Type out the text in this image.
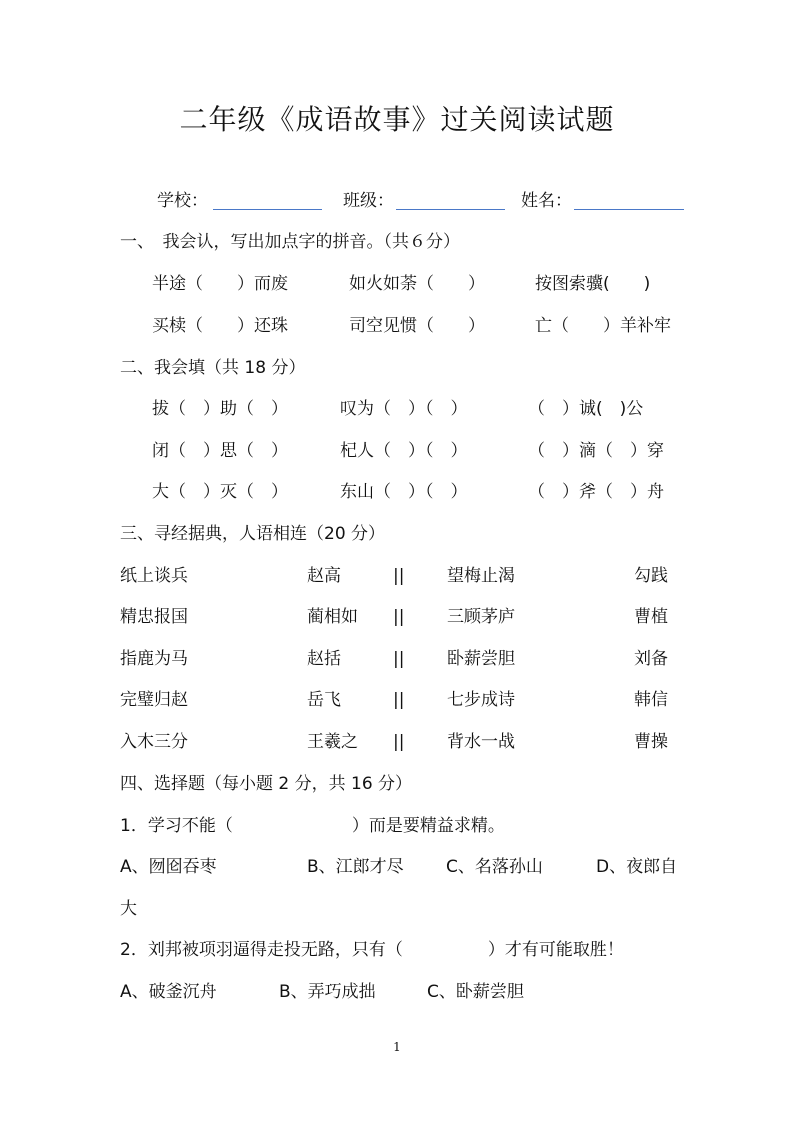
二年级《成语故事》过关阅读试题
学校：	班级：	姓名：
一、　我会认，写出加点字的拼音。（共６分）
半途（　　）而废	如火如荼（　　）	按图索骥(　　)
买椟（　　）还珠	司空见惯（　　）	亡（　　）羊补牢
二、我会填（共 18 分）
拔（　）助（　）	叹为（　）（　）	（　）诚(　)公
闭（　）思（　）	杞人（　）（　）	（　）滴（　）穿
大（　）灭（　）	东山（　）（　）	（　）斧（　）舟
三、寻经据典，人语相连（20 分）
纸上谈兵	赵高	||	望梅止渴	勾践
精忠报国	蔺相如 ||	三顾茅庐	曹植
指鹿为马	赵括	||	卧薪尝胆	刘备
完璧归赵	岳飞	||	七步成诗	韩信
入木三分	王羲之 ||	背水一战	曹操
四、选择题（每小题 2 分，共 16 分）
1．学习不能（　　　　　　　）而是要精益求精。
A、囫囵吞枣	B、江郎才尽 C、名落孙山	D、夜郎自
大
2．刘邦被项羽逼得走投无路，只有（　　　　　）才有可能取胜！
A、破釜沉舟	B、弄巧成拙	C、卧薪尝胆
1
